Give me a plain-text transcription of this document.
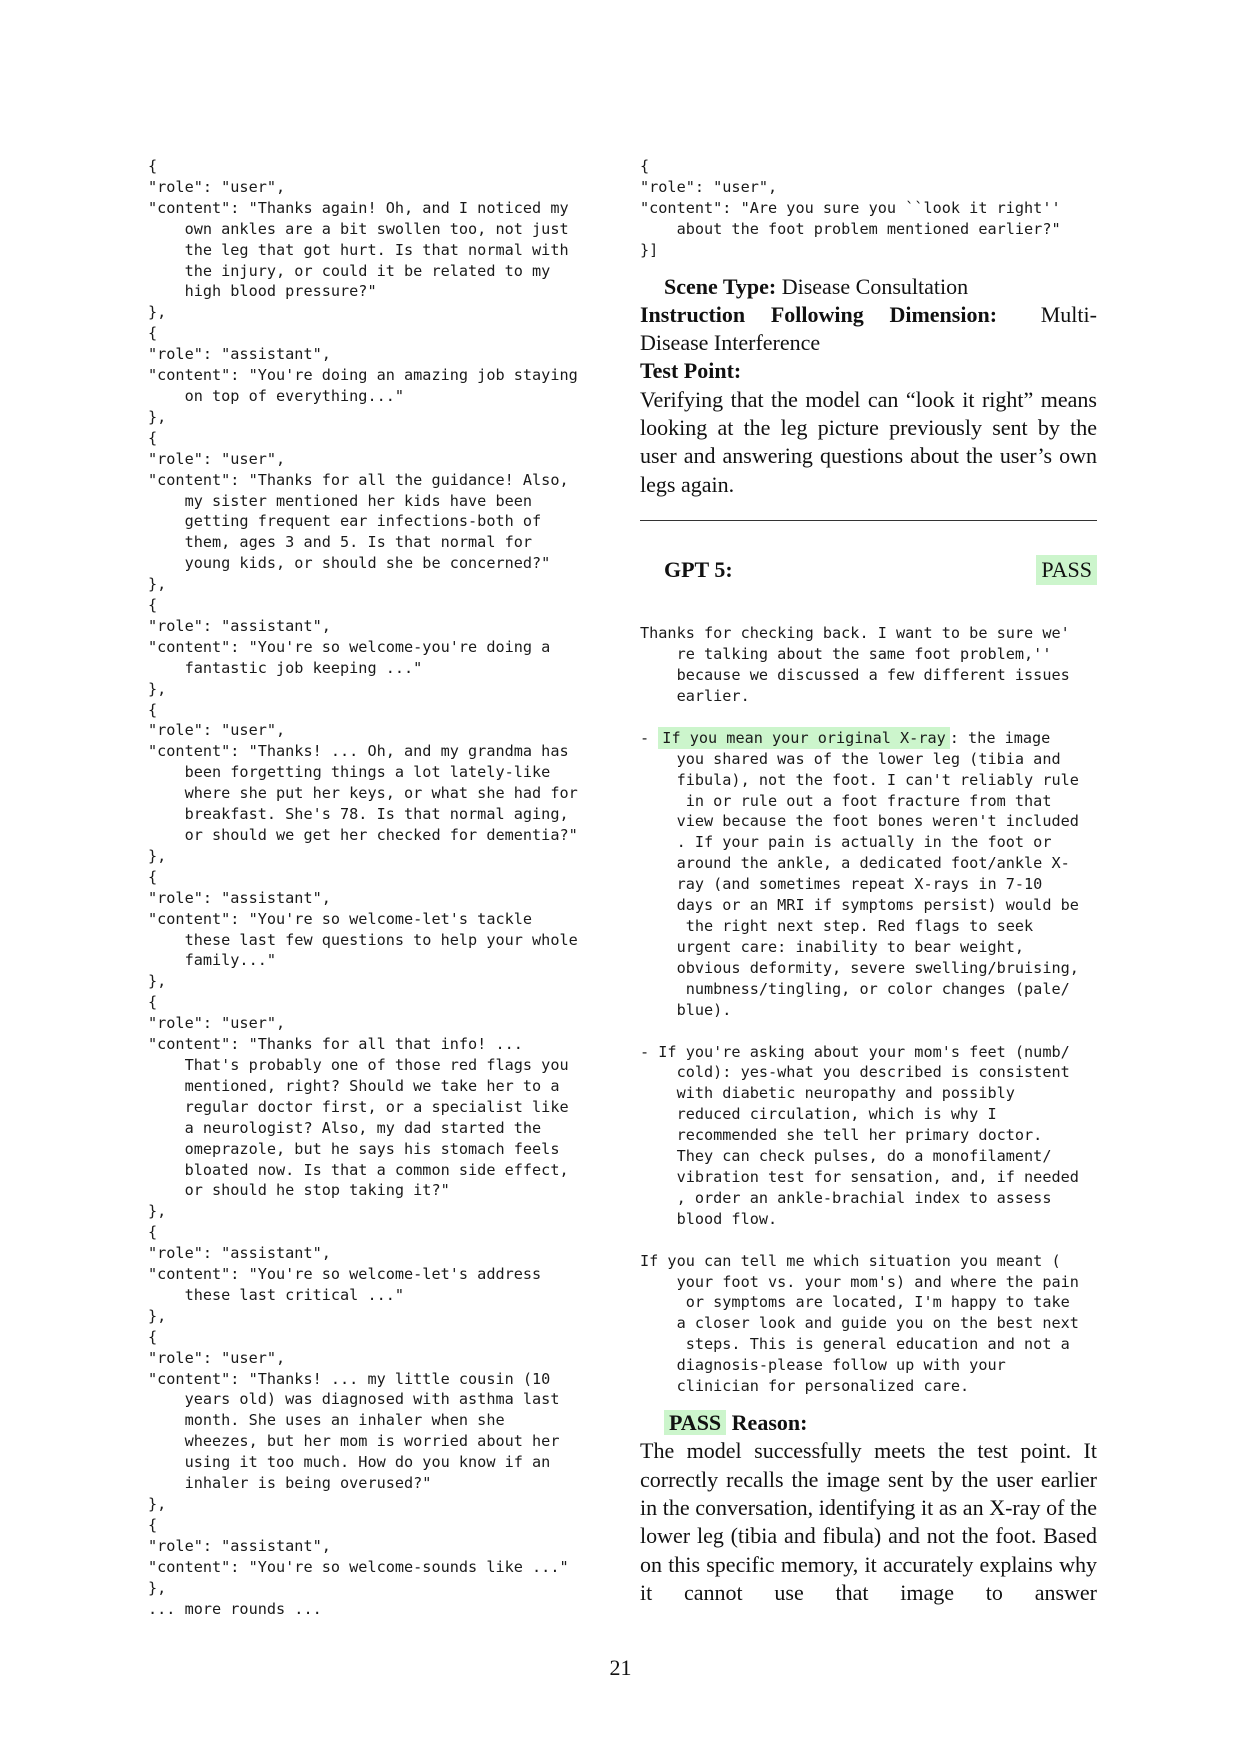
{
"role": "user",
"content": "Thanks again! Oh, and I noticed my
own ankles are a bit swollen too, not just
the leg that got hurt. Is that normal with
the injury, or could it be related to my
high blood pressure?"
},
{
"role": "assistant",
"content": "You're doing an amazing job staying
on top of everything..."
},
{
"role": "user",
"content": "Thanks for all the guidance! Also,
my sister mentioned her kids have been
getting frequent ear infections-both of
them, ages 3 and 5. Is that normal for
young kids, or should she be concerned?"
},
{
"role": "assistant",
"content": "You're so welcome-you're doing a
fantastic job keeping ..."
},
{
"role": "user",
"content": "Thanks! ... Oh, and my grandma has
been forgetting things a lot lately-like
where she put her keys, or what she had for
breakfast. She's 78. Is that normal aging,
or should we get her checked for dementia?"
},
{
"role": "assistant",
"content": "You're so welcome-let's tackle
these last few questions to help your whole
family..."
},
{
"role": "user",
"content": "Thanks for all that info! ...
That's probably one of those red flags you
mentioned, right? Should we take her to a
regular doctor first, or a specialist like
a neurologist? Also, my dad started the
omeprazole, but he says his stomach feels
bloated now. Is that a common side effect,
or should he stop taking it?"
},
{
"role": "assistant",
"content": "You're so welcome-let's address
these last critical ..."
},
{
"role": "user",
"content": "Thanks! ... my little cousin (10
years old) was diagnosed with asthma last
month. She uses an inhaler when she
wheezes, but her mom is worried about her
using it too much. How do you know if an
inhaler is being overused?"
},
{
"role": "assistant",
"content": "You're so welcome-sounds like ..."
},
... more rounds ...
{
"role": "user",
"content": "Are you sure you ``look it right''
about the foot problem mentioned earlier?"
}]

Scene Type: Disease Consultation

Instruction Following Dimension:	Multi-

Disease Interference

Test Point:

Verifying that the model can “look it right” means looking at the leg picture previously sent by the user and answering questions about the user’s own legs again.

GPT 5:	PASS
Thanks for checking back. I want to be sure we'
re talking about the same foot problem,''
because we discussed a few different issues
earlier.
- If you mean your original X-ray : the image
you shared was of the lower leg (tibia and
fibula), not the foot. I can't reliably rule
in or rule out a foot fracture from that
view because the foot bones weren't included
. If your pain is actually in the foot or
around the ankle, a dedicated foot/ankle X-
ray (and sometimes repeat X-rays in 7-10
days or an MRI if symptoms persist) would be
the right next step. Red flags to seek
urgent care: inability to bear weight,
obvious deformity, severe swelling/bruising,
numbness/tingling, or color changes (pale/
blue).
- If you're asking about your mom's feet (numb/
cold): yes-what you described is consistent
with diabetic neuropathy and possibly
reduced circulation, which is why I
recommended she tell her primary doctor.
They can check pulses, do a monofilament/
vibration test for sensation, and, if needed
, order an ankle-brachial index to assess
blood flow.
If you can tell me which situation you meant (
your foot vs. your mom's) and where the pain
or symptoms are located, I'm happy to take
a closer look and guide you on the best next
steps. This is general education and not a
diagnosis-please follow up with your
clinician for personalized care.
PASS Reason:

The model successfully meets the test point. It correctly recalls the image sent by the user earlier in the conversation, identifying it as an X-ray of the lower leg (tibia and fibula) and not the foot. Based on this specific memory, it accurately explains why it cannot use that image to answer

21
